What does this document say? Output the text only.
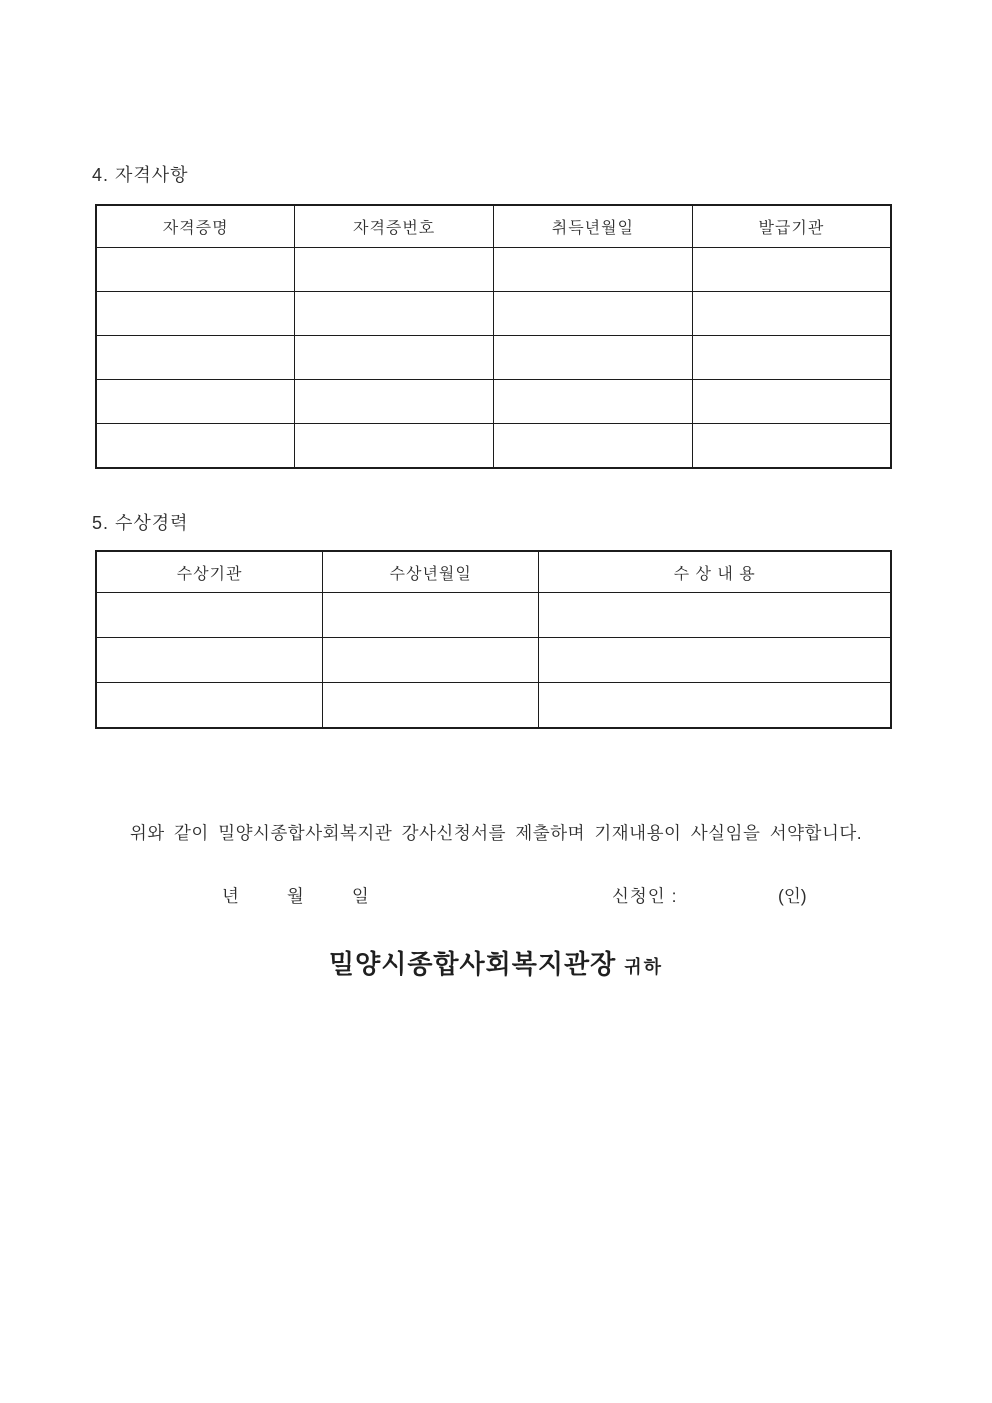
4. 자격사항
자격증명	자격증번호	취득년월일	발급기관

5. 수상경력
수상기관	수상년월일	수 상 내 용

위와 같이 밀양시종합사회복지관 강사신청서를 제출하며 기재내용이 사실임을 서약합니다.
년	월	일	신청인 :	(인)
밀양시종합사회복지관장 귀하
